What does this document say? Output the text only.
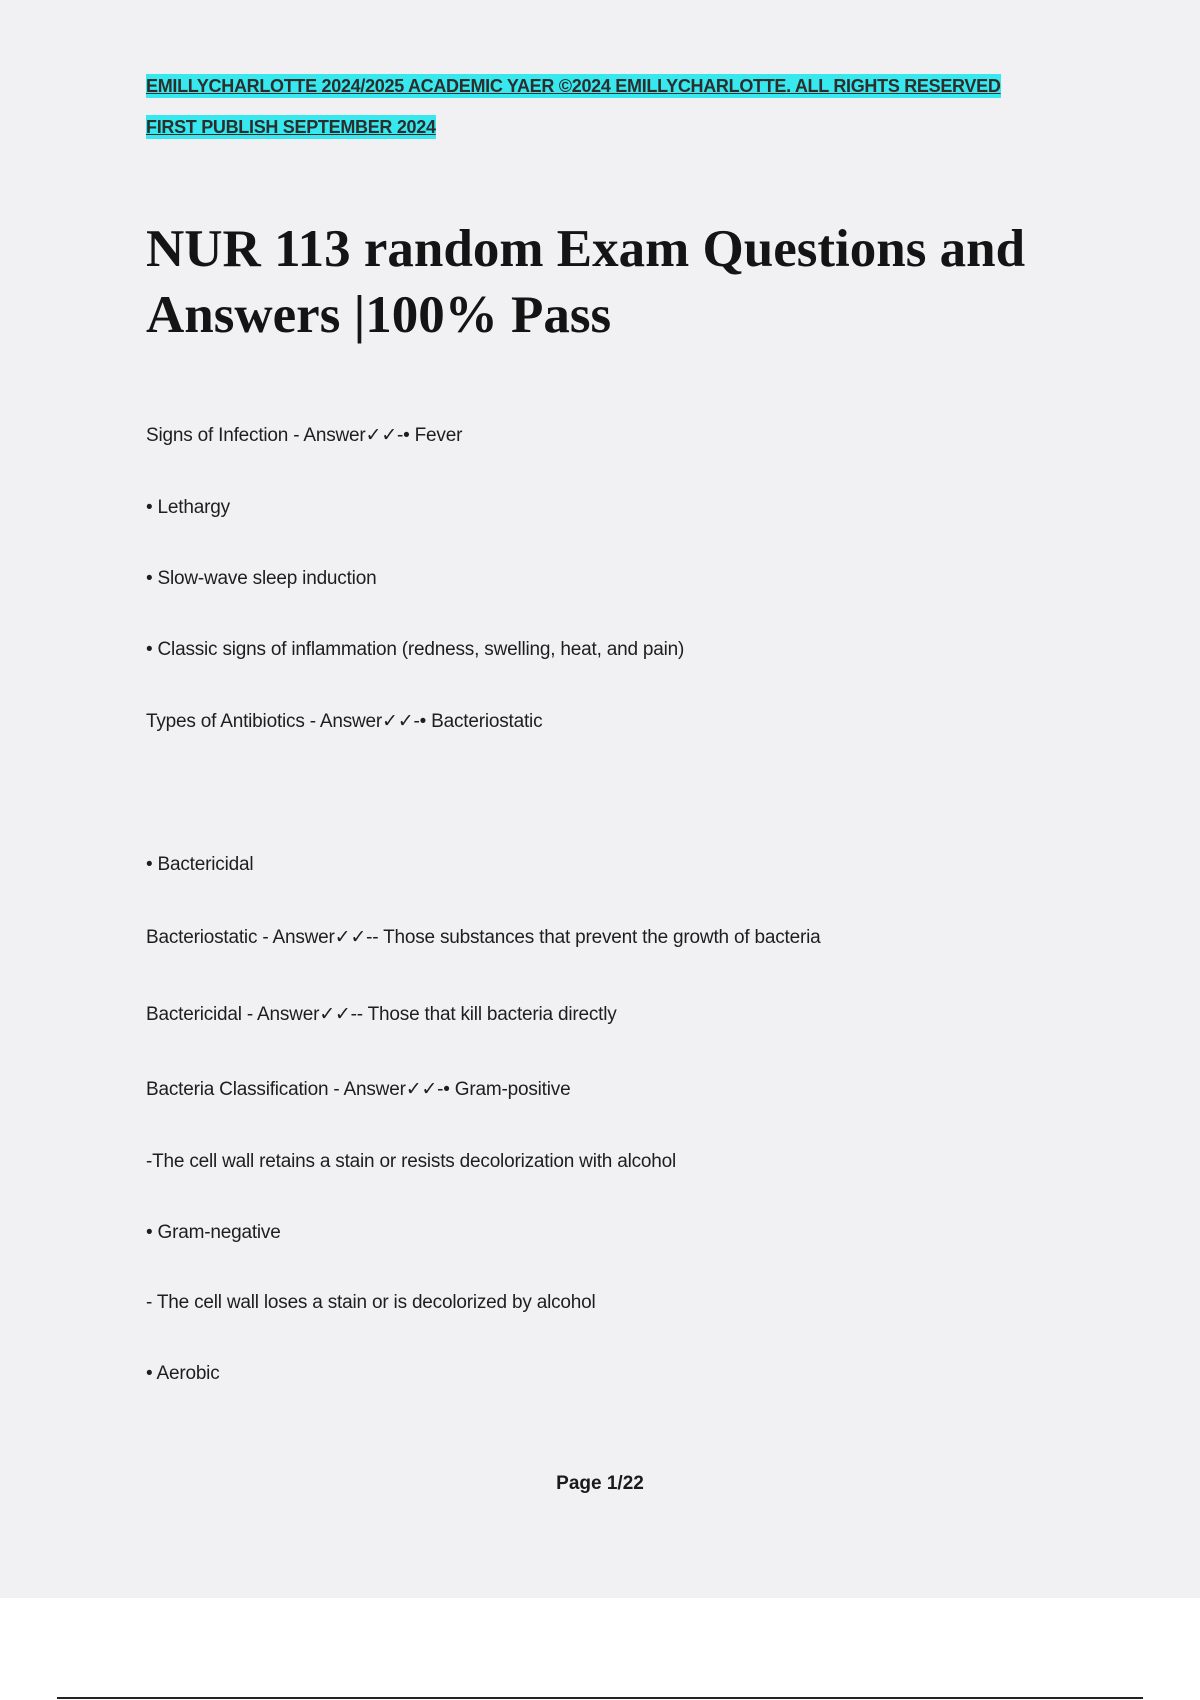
EMILLYCHARLOTTE 2024/2025 ACADEMIC YAER ©2024 EMILLYCHARLOTTE. ALL RIGHTS RESERVED
FIRST PUBLISH SEPTEMBER 2024
NUR 113 random Exam Questions and Answers |100% Pass
Signs of Infection - Answer✓✓-• Fever
• Lethargy
• Slow-wave sleep induction
• Classic signs of inflammation (redness, swelling, heat, and pain)
Types of Antibiotics - Answer✓✓-• Bacteriostatic
• Bactericidal
Bacteriostatic - Answer✓✓-- Those substances that prevent the growth of bacteria
Bactericidal - Answer✓✓-- Those that kill bacteria directly
Bacteria Classification - Answer✓✓-• Gram-positive
-The cell wall retains a stain or resists decolorization with alcohol
• Gram-negative
- The cell wall loses a stain or is decolorized by alcohol
• Aerobic
Page 1/22
